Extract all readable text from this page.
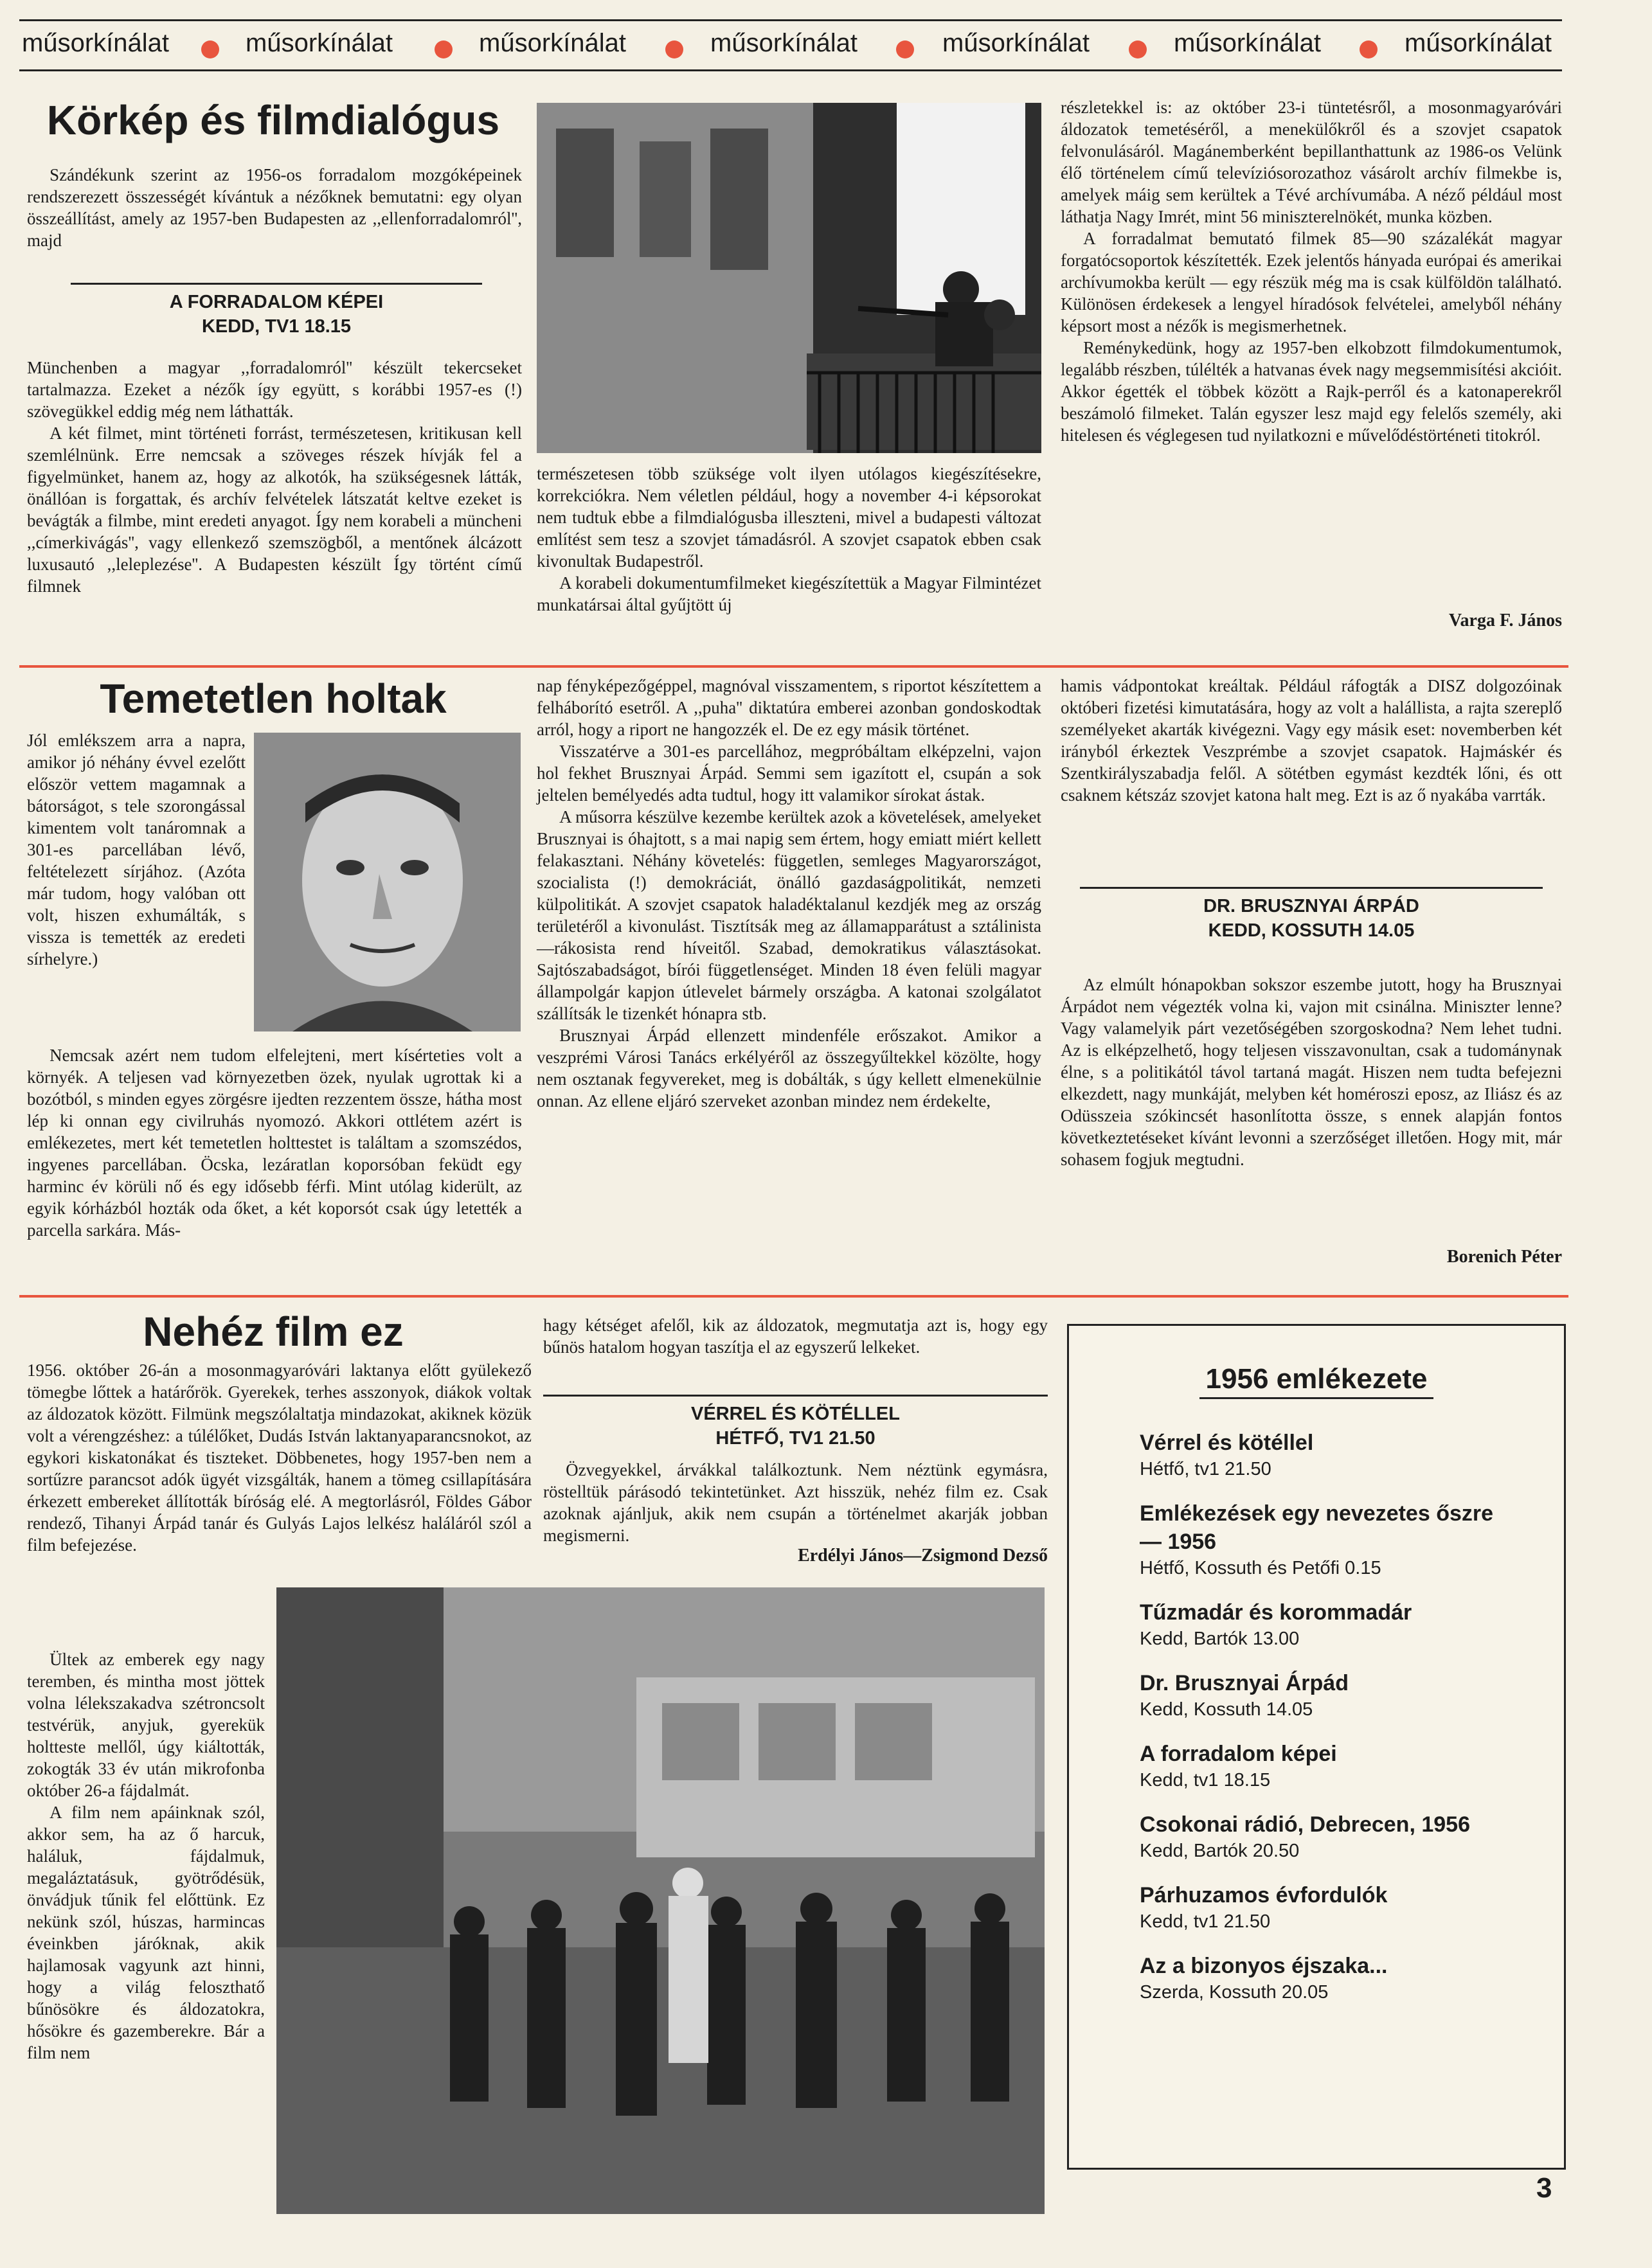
műsorkínálat	műsorkínálat	műsorkínálat	műsorkínálat	műsorkínálat	műsorkínálat	műsorkínálat
Körkép és filmdialógus

Szándékunk szerint az 1956-os forradalom mozgóképeinek rendszerezett összességét kívántuk a nézőknek bemutatni: egy olyan összeállítást, amely az 1957-ben Budapesten az ,,ellenforradalomról'', majd

A FORRADALOM KÉPEI
KEDD, TV1 18.15

Münchenben a magyar ,,forradalomról'' készült tekercseket tartalmazza. Ezeket a nézők így együtt, s korábbi 1957-es (!) szövegükkel eddig még nem láthatták.

A két filmet, mint történeti forrást, természetesen, kritikusan kell szemlélnünk. Erre nemcsak a szöveges részek hívják fel a figyelmünket, hanem az, hogy az alkotók, ha szükségesnek látták, önállóan is forgattak, és archív felvételek látszatát keltve ezeket is bevágták a filmbe, mint eredeti anyagot. Így nem korabeli a müncheni ,,címerkivágás'', vagy ellenkező szemszögből, a mentőnek álcázott luxusautó ,,leleplezése''. A Budapesten készült Így történt című filmnek

természetesen több szüksége volt ilyen utólagos kiegészítésekre, korrekciókra. Nem véletlen például, hogy a november 4-i képsorokat nem tudtuk ebbe a filmdialógusba illeszteni, mivel a budapesti változat említést sem tesz a szovjet támadásról. A szovjet csapatok ebben csak kivonultak Budapestről.

A korabeli dokumentumfilmeket kiegészítettük a Magyar Filmintézet munkatársai által gyűjtött új

részletekkel is: az október 23-i tüntetésről, a mosonmagyaróvári áldozatok temetéséről, a menekülőkről és a szovjet csapatok felvonulásáról. Magánemberként bepillanthattunk az 1986-os Velünk élő történelem című televíziósorozathoz vásárolt archív filmekbe is, amelyek máig sem kerültek a Tévé archívumába. A néző például most láthatja Nagy Imrét, mint 56 miniszterelnökét, munka közben.

A forradalmat bemutató filmek 85—90 százalékát magyar forgatócsoportok készítették. Ezek jelentős hányada európai és amerikai archívumokba került — egy részük még ma is csak külföldön található. Különösen érdekesek a lengyel híradósok felvételei, amelyből néhány képsort most a nézők is megismerhetnek.

Reménykedünk, hogy az 1957-ben elkobzott filmdokumentumok, legalább részben, túlélték a hatvanas évek nagy megsemmisítési akcióit. Akkor égették el többek között a Rajk-perről és a katonaperekről beszámoló filmeket. Talán egyszer lesz majd egy felelős személy, aki hitelesen és véglegesen tud nyilatkozni e művelődéstörténeti titokról.

Varga F. János
Temetetlen holtak

Jól emlékszem arra a napra, amikor jó néhány évvel ezelőtt először vettem magamnak a bátorságot, s tele szorongással kimentem volt tanáromnak a 301-es parcellában lévő, feltételezett sírjához. (Azóta már tudom, hogy valóban ott volt, hiszen exhumálták, s vissza is temették az eredeti sírhelyre.)

Nemcsak azért nem tudom elfelejteni, mert kísérteties volt a környék. A teljesen vad környezetben özek, nyulak ugrottak ki a bozótból, s minden egyes zörgésre ijedten rezzentem össze, hátha most lép ki onnan egy civilruhás nyomozó. Akkori ottlétem azért is emlékezetes, mert két temetetlen holttestet is találtam a szomszédos, ingyenes parcellában. Öcska, lezáratlan koporsóban feküdt egy harminc év körüli nő és egy idősebb férfi. Mint utólag kiderült, az egyik kórházból hozták oda őket, a két koporsót csak úgy letették a parcella sarkára. Más-

nap fényképezőgéppel, magnóval visszamentem, s riportot készítettem a felháborító esetről. A ,,puha'' diktatúra emberei azonban gondoskodtak arról, hogy a riport ne hangozzék el. De ez egy másik történet.

Visszatérve a 301-es parcellához, megpróbáltam elképzelni, vajon hol fekhet Brusznyai Árpád. Semmi sem igazított el, csupán a sok jeltelen bemélyedés adta tudtul, hogy itt valamikor sírokat ástak.

A műsorra készülve kezembe kerültek azok a követelések, amelyeket Brusznyai is óhajtott, s a mai napig sem értem, hogy emiatt miért kellett felakasztani. Néhány követelés: független, semleges Magyarországot, szocialista (!) demokráciát, önálló gazdaságpolitikát, nemzeti külpolitikát. A szovjet csapatok haladéktalanul kezdjék meg az ország területéről a kivonulást. Tisztítsák meg az államapparátust a sztálinista—rákosista rend híveitől. Szabad, demokratikus választásokat. Sajtószabadságot, bírói függetlenséget. Minden 18 éven felüli magyar állampolgár kapjon útlevelet bármely országba. A katonai szolgálatot szállítsák le tizenkét hónapra stb.

Brusznyai Árpád ellenzett mindenféle erőszakot. Amikor a veszprémi Városi Tanács erkélyéről az összegyűltekkel közölte, hogy nem osztanak fegyvereket, meg is dobálták, s úgy kellett elmenekülnie onnan. Az ellene eljáró szerveket azonban mindez nem érdekelte,

hamis vádpontokat kreáltak. Például ráfogták a DISZ dolgozóinak októberi fizetési kimutatására, hogy az volt a halállista, a rajta szereplő személyeket akarták kivégezni. Vagy egy másik eset: novemberben két irányból érkeztek Veszprémbe a szovjet csapatok. Hajmáskér és Szentkirályszabadja felől. A sötétben egymást kezdték lőni, és ott csaknem kétszáz szovjet katona halt meg. Ezt is az ő nyakába varrták.

DR. BRUSZNYAI ÁRPÁD
KEDD, KOSSUTH 14.05

Az elmúlt hónapokban sokszor eszembe jutott, hogy ha Brusznyai Árpádot nem végezték volna ki, vajon mit csinálna. Miniszter lenne? Vagy valamelyik párt vezetőségében szorgoskodna? Nem lehet tudni. Az is elképzelhető, hogy teljesen visszavonultan, csak a tudománynak élne, s a politikától távol tartaná magát. Hiszen nem tudta befejezni elkezdett, nagy munkáját, melyben két homéroszi eposz, az Iliász és az Odüsszeia szókincsét hasonlította össze, s ennek alapján fontos következtetéseket kívánt levonni a szerzőséget illetően. Hogy mit, már sohasem fogjuk megtudni.

Borenich Péter
Nehéz film ez

1956. október 26-án a mosonmagyaróvári laktanya előtt gyülekező tömegbe lőttek a határőrök. Gyerekek, terhes asszonyok, diákok voltak az áldozatok között. Filmünk megszólaltatja mindazokat, akiknek közük volt a vérengzéshez: a túlélőket, Dudás István laktanyaparancsnokot, az egykori kiskatonákat és tiszteket. Döbbenetes, hogy 1957-ben nem a sortűzre parancsot adók ügyét vizsgálták, hanem a tömeg csillapítására érkezett embereket állították bíróság elé. A megtorlásról, Földes Gábor rendező, Tihanyi Árpád tanár és Gulyás Lajos lelkész haláláról szól a film befejezése.

Ültek az emberek egy nagy teremben, és mintha most jöttek volna lélekszakadva szétroncsolt testvérük, anyjuk, gyerekük holtteste mellől, úgy kiáltották, zokogták 33 év után mikrofonba október 26-a fájdalmát.

A film nem apáinknak szól, akkor sem, ha az ő harcuk, haláluk, fájdalmuk, megaláztatásuk, gyötrődésük, önvádjuk tűnik fel előttünk. Ez nekünk szól, húszas, harmincas éveinkben járóknak, akik hajlamosak vagyunk azt hinni, hogy a világ feloszthatő bűnösökre és áldozatokra, hősökre és gazemberekre. Bár a film nem

hagy kétséget afelől, kik az áldozatok, megmutatja azt is, hogy egy bűnös hatalom hogyan taszítja el az egyszerű lelkeket.

VÉRREL ÉS KÖTÉLLEL
HÉTFŐ, TV1 21.50

Özvegyekkel, árvákkal találkoztunk. Nem néztünk egymásra, röstelltük párásodó tekintetünket. Azt hisszük, nehéz film ez. Csak azoknak ajánljuk, akik nem csupán a történelmet akarják jobban megismerni.

Erdélyi János—Zsigmond Dezső
1956 emlékezete
Vérrel és kötéllel
Hétfő, tv1 21.50
Emlékezések egy nevezetes őszre — 1956
Hétfő, Kossuth és Petőfi 0.15
Tűzmadár és korommadár
Kedd, Bartók 13.00
Dr. Brusznyai Árpád
Kedd, Kossuth 14.05
A forradalom képei
Kedd, tv1 18.15
Csokonai rádió, Debrecen, 1956
Kedd, Bartók 20.50
Párhuzamos évfordulók
Kedd, tv1 21.50
Az a bizonyos éjszaka...
Szerda, Kossuth 20.05
3
